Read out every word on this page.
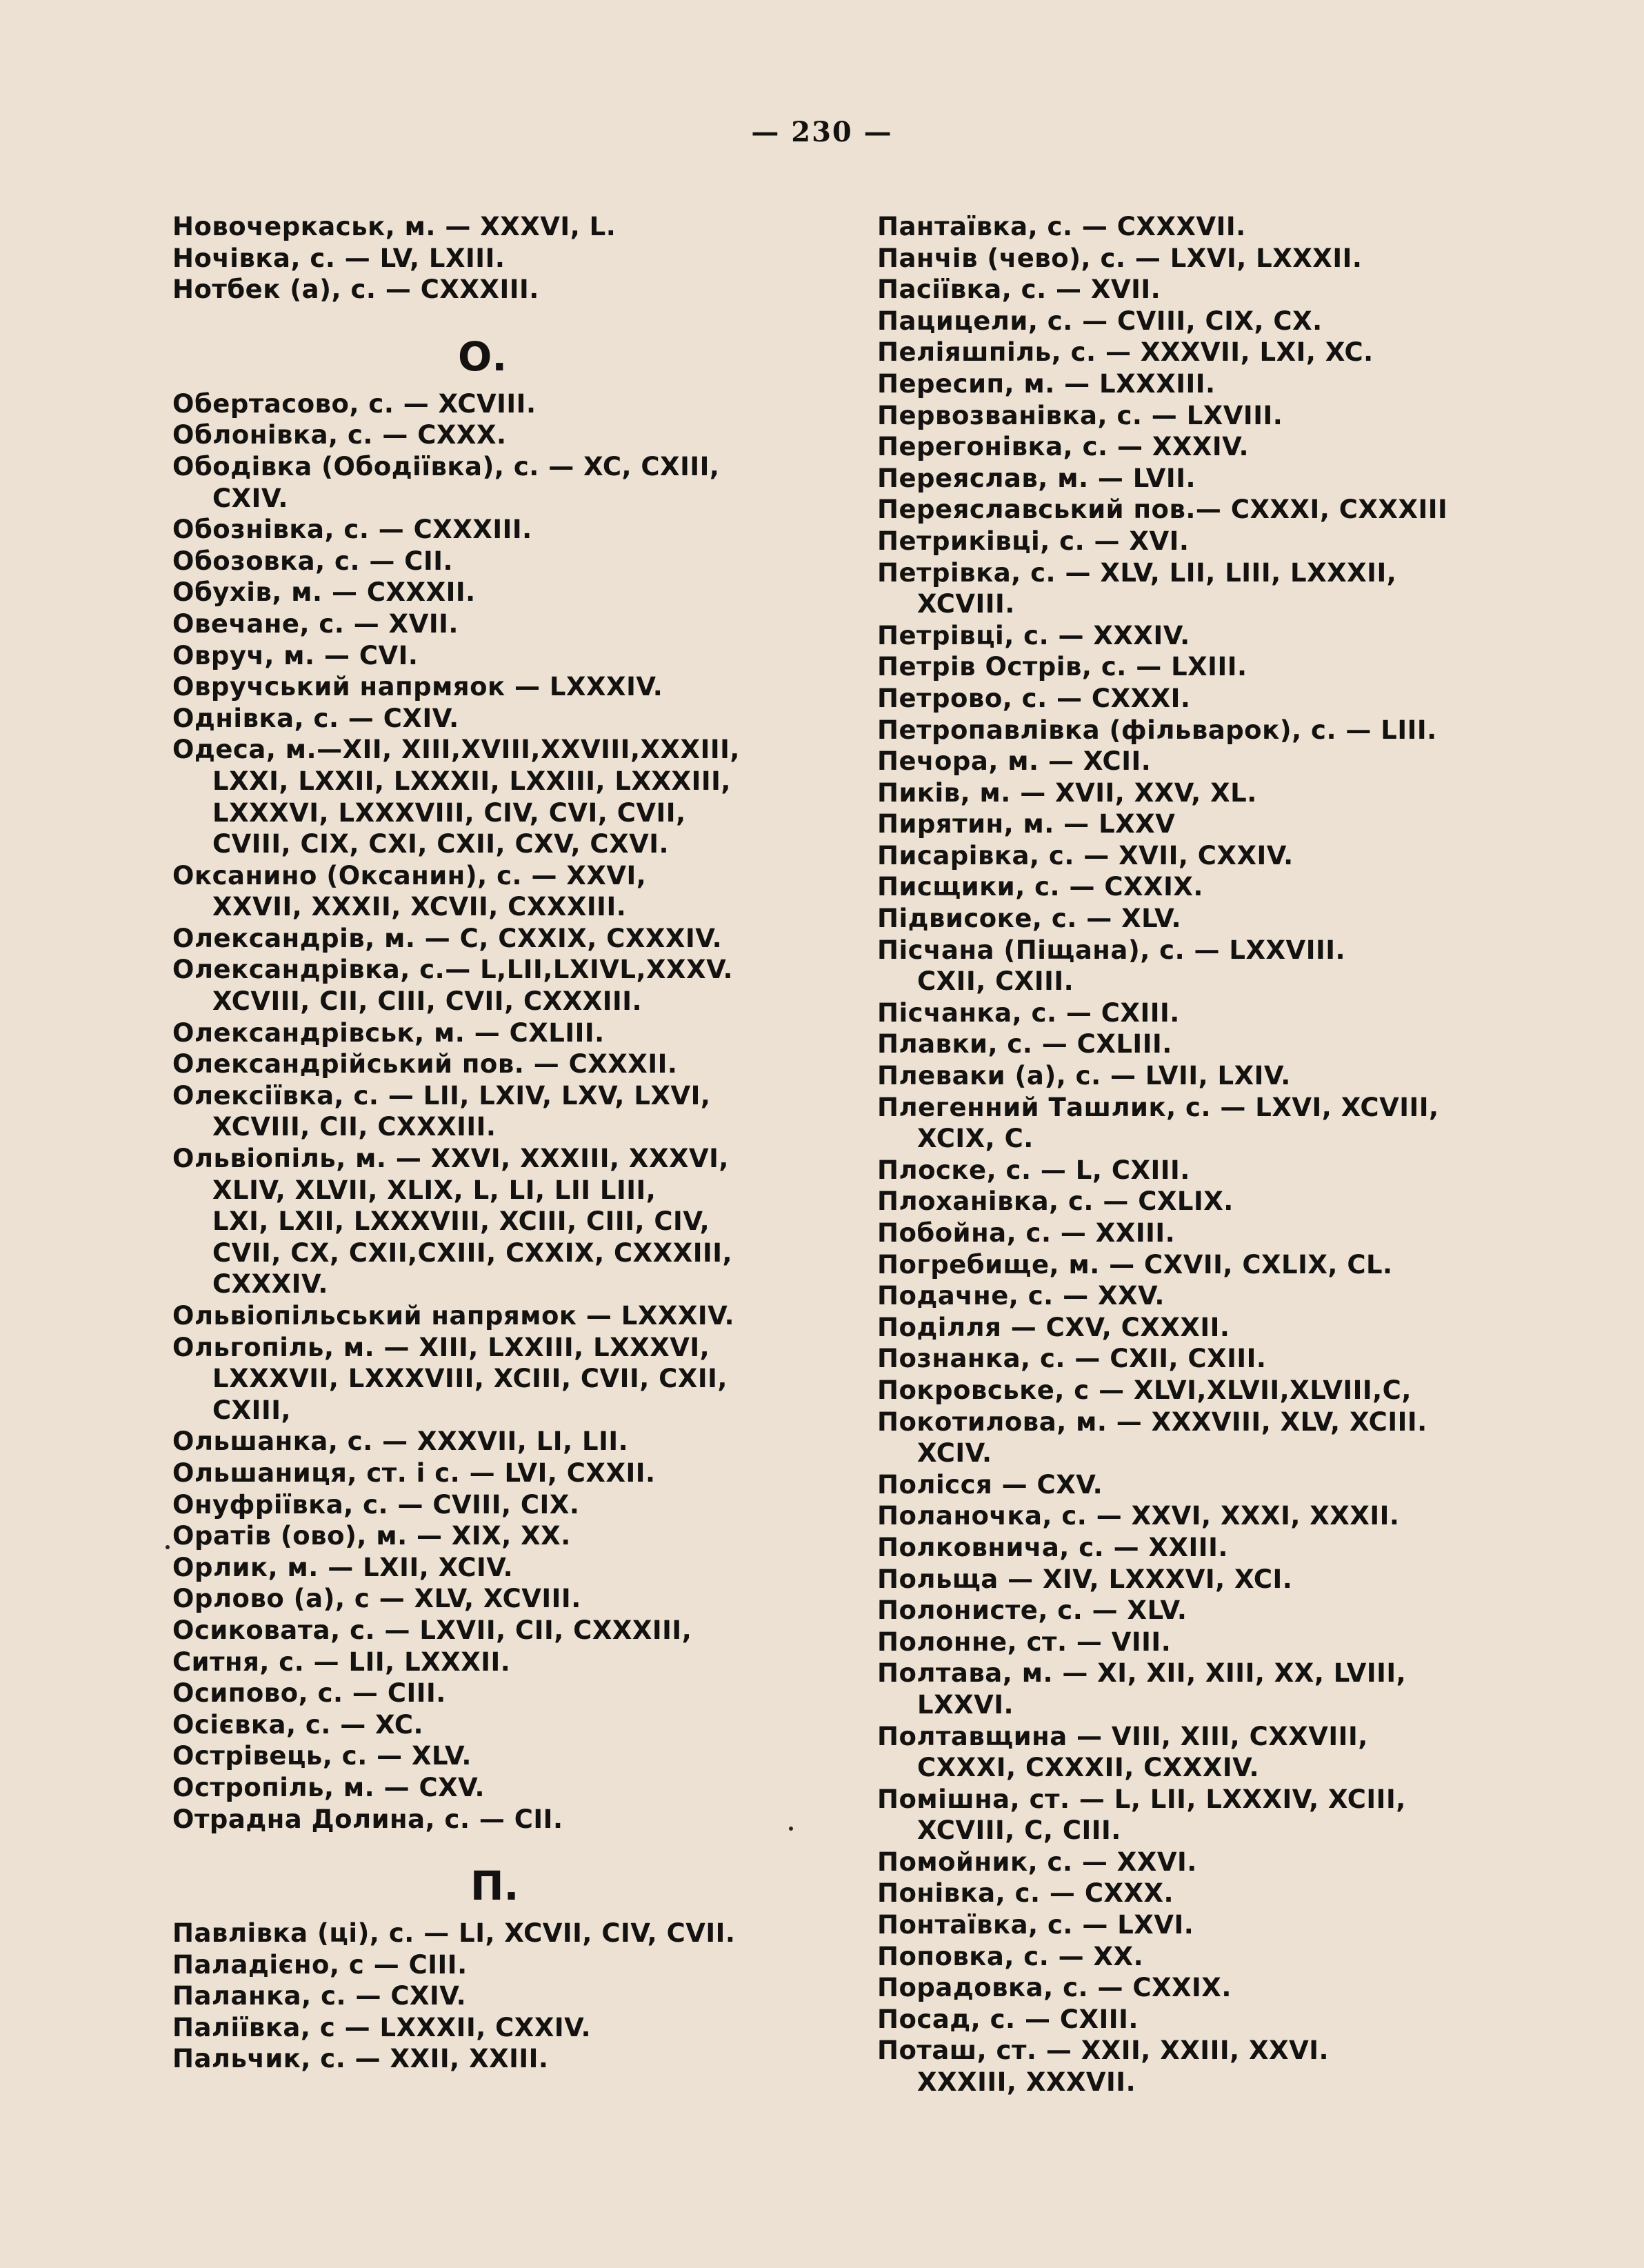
— 230 —
Новочеркаськ, м. — XXXVI, L.
Ночівка, с. — LV, LXIII.
Нотбек (а), с. — CXXXIII.
О.
Обертасово, с. — XCVIII.
Облонівка, с. — CXXX.
Ободівка (Ободіївка), с. — XC, CXIII,
CXIV.
Обознівка, с. — CXXXIII.
Обозовка, с. — CII.
Обухів, м. — CXXXII.
Овечане, с. — XVII.
Овруч, м. — CVI.
Овручський напрмяок — LXXXIV.
Однівка, с. — CXIV.
Одеса, м.—XII, XIII,XVIII,XXVIII,XXXIII,
LXXI, LXXII, LXXXII, LXXIII, LXXXIII,
LXXXVI, LXXXVIII, CIV, CVI, CVII,
CVIII, CIX, CXI, CXII, CXV, CXVI.
Оксанино (Оксанин), с. — XXVI,
XXVII, XXXII, XCVII, CXXXIII.
Олександрів, м. — C, CXXIX, CXXXIV.
Олександрівка, с.— L,LII,LXIVL,XXXV.
XCVIII, CII, CIII, CVII, CXXXIII.
Олександрівськ, м. — CXLIII.
Олександрійський пов. — CXXXII.
Олексіївка, с. — LII, LXIV, LXV, LXVI,
XCVIII, CII, CXXXIII.
Ольвіопіль, м. — XXVI, XXXIII, XXXVI,
XLIV, XLVII, XLIX, L, LI, LII LIII,
LXI, LXII, LXXXVIII, XCIII, CIII, CIV,
CVII, CX, CXII,CXIII, CXXIX, CXXXIII,
CXXXIV.
Ольвіопільський напрямок — LXXXIV.
Ольгопіль, м. — XIII, LXXIII, LXXXVI,
LXXXVII, LXXXVIII, XCIII, CVII, CXII,
CXIII,
Ольшанка, с. — XXXVII, LI, LII.
Ольшаниця, ст. і с. — LVI, CXXII.
Онуфріївка, с. — CVIII, CIX.
Оратів (ово), м. — XIX, XX.
Орлик, м. — LXII, XCIV.
Орлово (а), с — XLV, XCVIII.
Осиковата, с. — LXVII, CII, CXXXIII,
Ситня, с. — LII, LXXXII.
Осипово, с. — CIII.
Осієвка, с. — XC.
Острівець, с. — XLV.
Остропіль, м. — CXV.
Отрадна Долина, с. — CII.
П.
Павлівка (ці), с. — LI, XCVII, CIV, CVII.
Паладієно, с — CIII.
Паланка, с. — CXIV.
Паліївка, с — LXXXII, CXXIV.
Пальчик, с. — XXII, XXIII.
Пантаївка, с. — CXXXVII.
Панчів (чево), с. — LXVI, LXXXII.
Пасіївка, с. — XVII.
Пацицели, с. — CVIII, CIX, CX.
Пеліяшпіль, с. — XXXVII, LXI, XC.
Пересип, м. — LXXXIII.
Первозванівка, с. — LXVIII.
Перегонівка, с. — XXXIV.
Переяслав, м. — LVII.
Переяславський пов.— CXXXI, CXXXIII
Петриківці, с. — XVI.
Петрівка, с. — XLV, LII, LIII, LXXXII,
XCVIII.
Петрівці, с. — XXXIV.
Петрів Острів, с. — LXIII.
Петрово, с. — CXXXI.
Петропавлівка (фільварок), с. — LIII.
Печора, м. — XCII.
Пиків, м. — XVII, XXV, XL.
Пирятин, м. — LXXV
Писарівка, с. — XVII, CXXIV.
Писщики, с. — CXXIX.
Підвисоке, с. — XLV.
Пісчана (Піщана), с. — LXXVIII.
CXII, CXIII.
Пісчанка, с. — CXIII.
Плавки, с. — CXLIII.
Плеваки (а), с. — LVII, LXIV.
Плегенний Ташлик, с. — LXVI, XCVIII,
XCIX, C.
Плоске, с. — L, CXIII.
Плоханівка, с. — CXLIX.
Побойна, с. — XXIII.
Погребище, м. — CXVII, CXLIX, CL.
Подачне, с. — XXV.
Поділля — CXV, CXXXII.
Познанка, с. — CXII, CXIII.
Покровське, с — XLVI,XLVII,XLVIII,C,
Покотилова, м. — XXXVIII, XLV, XCIII.
XCIV.
Полісся — CXV.
Поланочка, с. — XXVI, XXXI, XXXII.
Полковнича, с. — XXIII.
Польща — XIV, LXXXVI, XCI.
Полонисте, с. — XLV.
Полонне, ст. — VIII.
Полтава, м. — XI, XII, XIII, XX, LVIII,
LXXVI.
Полтавщина — VIII, XIII, CXXVIII,
CXXXI, CXXXII, CXXXIV.
Помішна, ст. — L, LII, LXXXIV, XCIII,
XCVIII, C, CIII.
Помойник, с. — XXVI.
Понівка, с. — CXXX.
Понтаївка, с. — LXVI.
Поповка, с. — XX.
Порадовка, с. — CXXIX.
Посад, с. — CXIII.
Поташ, ст. — XXII, XXIII, XXVI.
XXXIII, XXXVII.
